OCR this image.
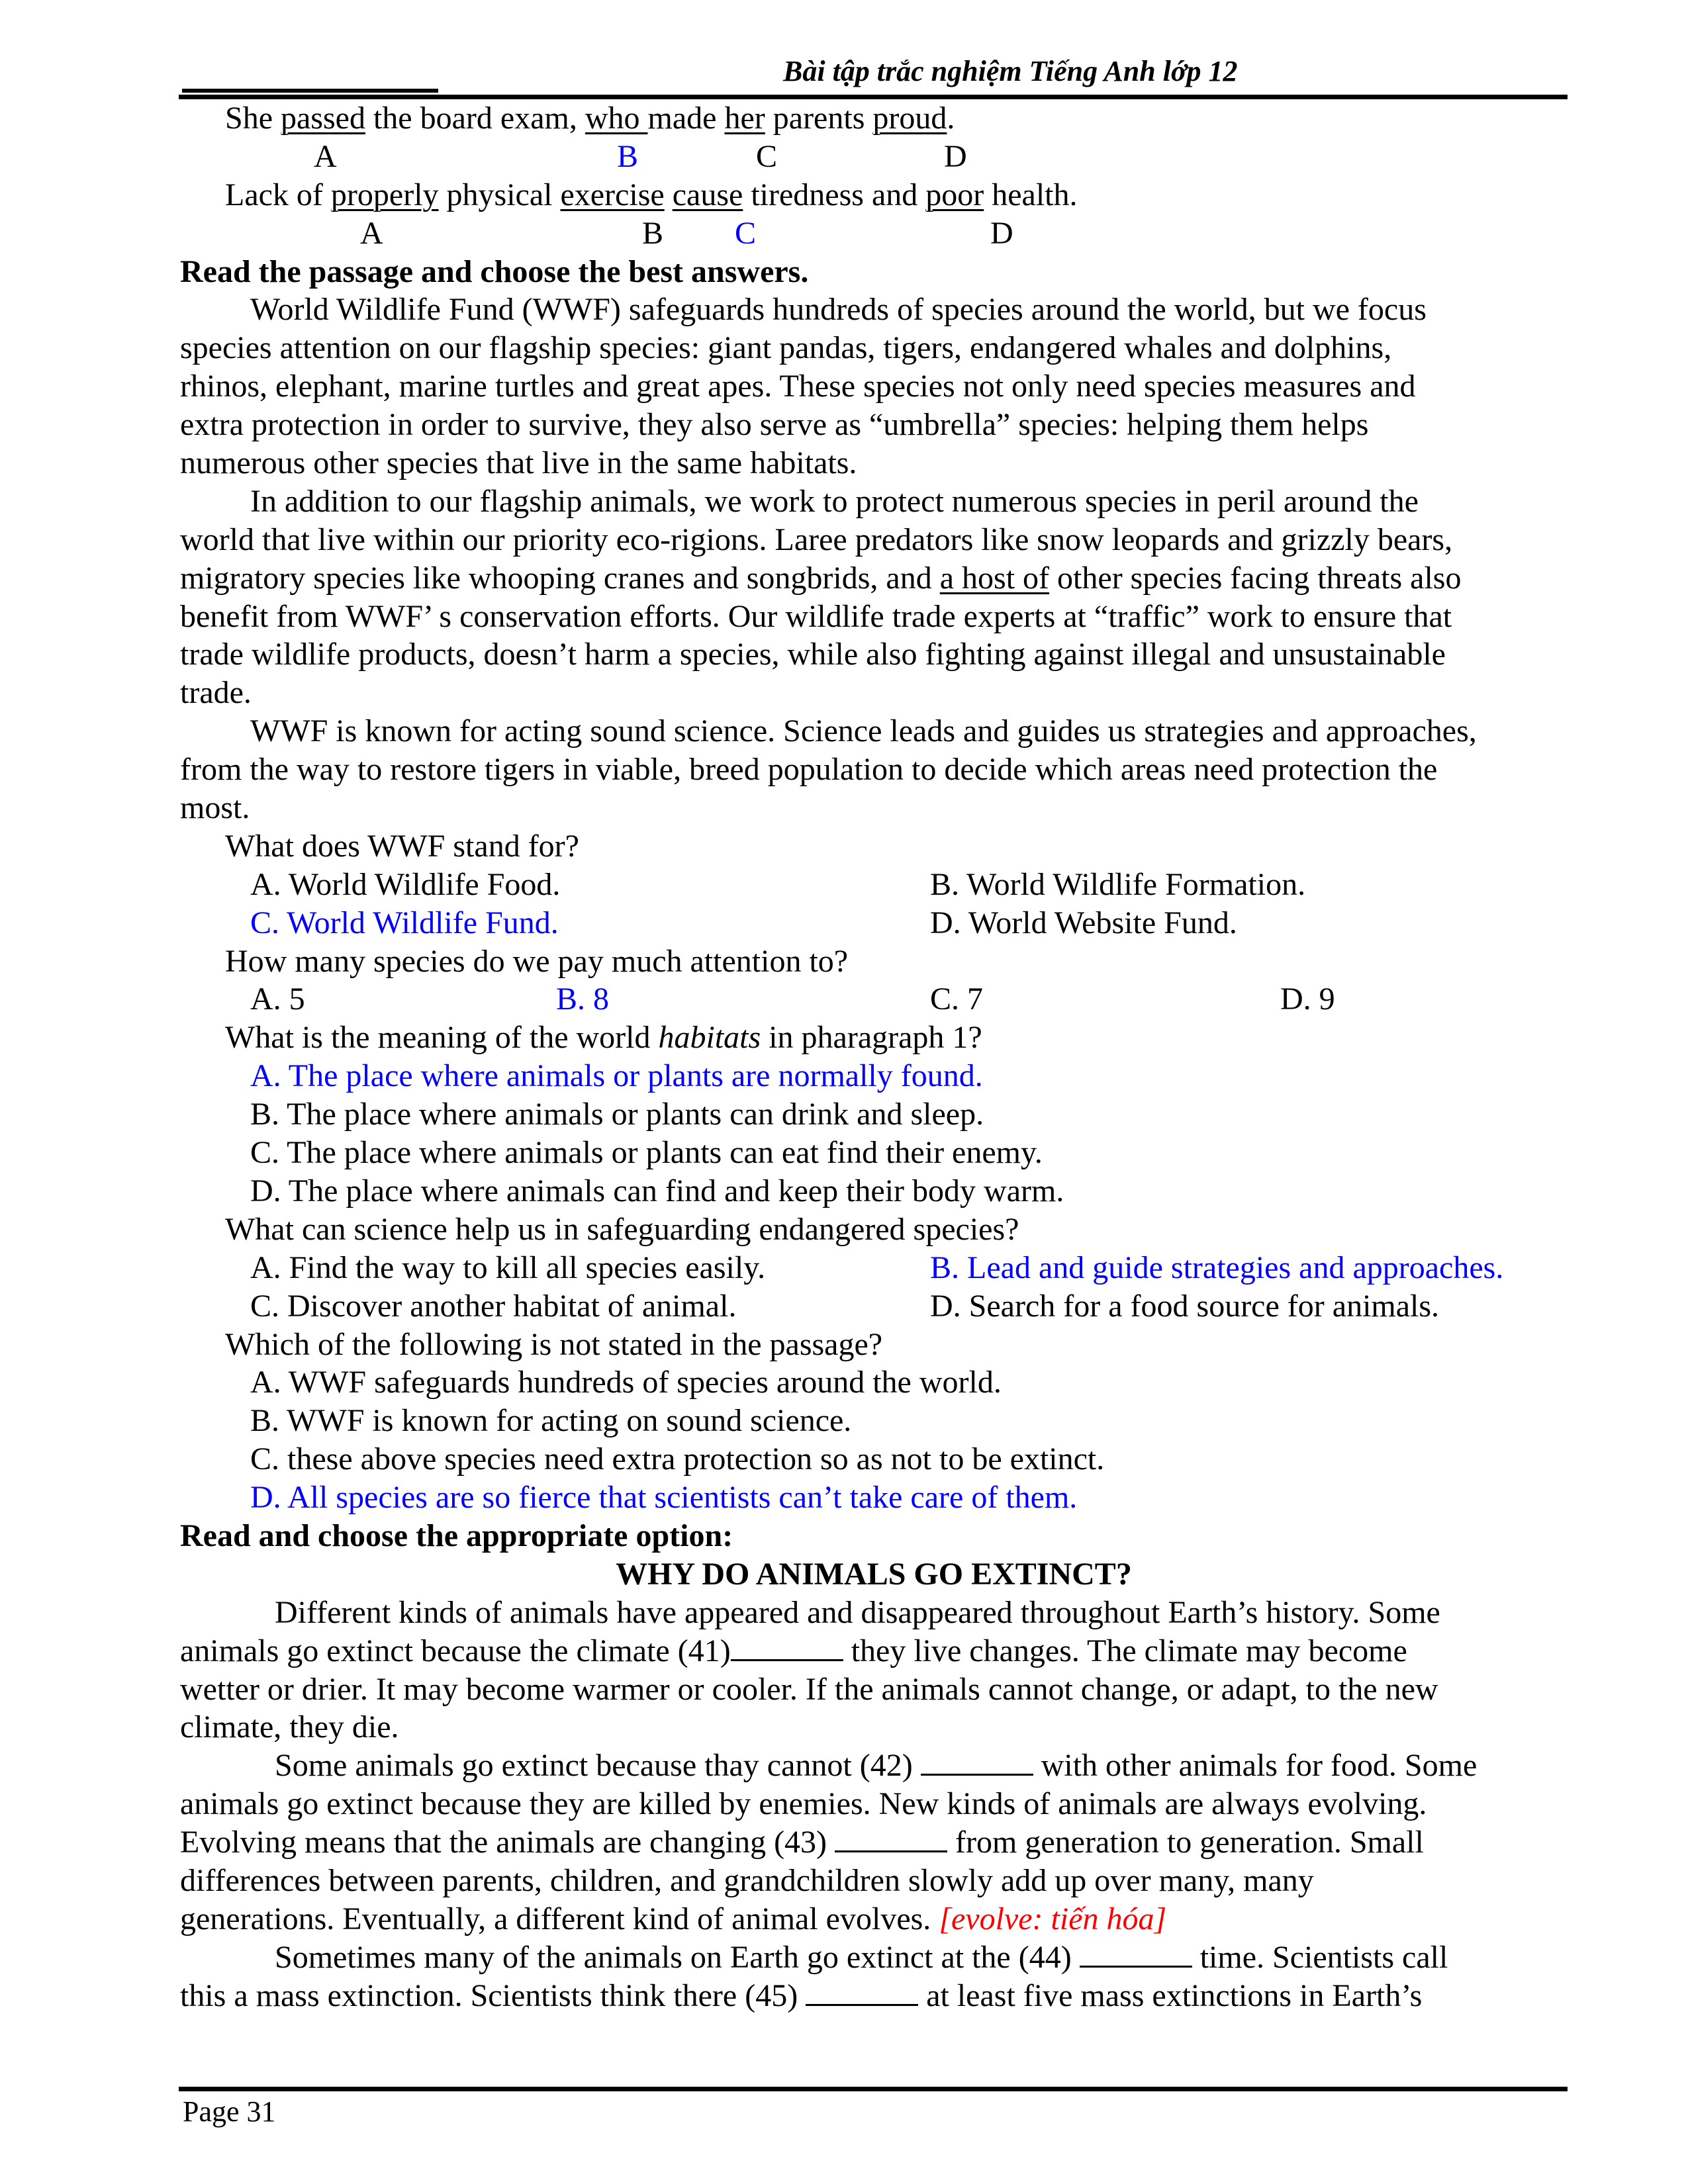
Bài tập trắc nghiệm Tiếng Anh lớp 12
She passed the board exam, who made her parents proud.
A	B	C	D
Lack of properly physical exercise cause tiredness and poor health.
A	B C	D
Read the passage and choose the best answers.
World Wildlife Fund (WWF) safeguards hundreds of species around the world, but we focus
species attention on our flagship species: giant pandas, tigers, endangered whales and dolphins,
rhinos, elephant, marine turtles and great apes. These species not only need species measures and
extra protection in order to survive, they also serve as “umbrella” species: helping them helps
numerous other species that live in the same habitats.
In addition to our flagship animals, we work to protect numerous species in peril around the
world that live within our priority eco-rigions. Laree predators like snow leopards and grizzly bears,
migratory species like whooping cranes and songbrids, and a host of other species facing threats also
benefit from WWF’ s conservation efforts. Our wildlife trade experts at “traffic” work to ensure that
trade wildlife products, doesn’t harm a species, while also fighting against illegal and unsustainable
trade.
WWF is known for acting sound science. Science leads and guides us strategies and approaches,
from the way to restore tigers in viable, breed population to decide which areas need protection the
most.
What does WWF stand for?
A. World Wildlife Food.	B. World Wildlife Formation.
C. World Wildlife Fund.	D. World Website Fund.
How many species do we pay much attention to?
A. 5	B. 8	C. 7	D. 9
What is the meaning of the world habitats in pharagraph 1?
A. The place where animals or plants are normally found.
B. The place where animals or plants can drink and sleep.
C. The place where animals or plants can eat find their enemy.
D. The place where animals can find and keep their body warm.
What can science help us in safeguarding endangered species?
A. Find the way to kill all species easily.	B. Lead and guide strategies and approaches.
C. Discover another habitat of animal.	D. Search for a food source for animals.
Which of the following is not stated in the passage?
A. WWF safeguards hundreds of species around the world.
B. WWF is known for acting on sound science.
C. these above species need extra protection so as not to be extinct.
D. All species are so fierce that scientists can’t take care of them.
Read and choose the appropriate option:
WHY DO ANIMALS GO EXTINCT?
Different kinds of animals have appeared and disappeared throughout Earth’s history. Some
animals go extinct because the climate (41)	they live changes. The climate may become
wetter or drier. It may become warmer or cooler. If the animals cannot change, or adapt, to the new
climate, they die.
Some animals go extinct because thay cannot (42)	with other animals for food. Some
animals go extinct because they are killed by enemies. New kinds of animals are always evolving.
Evolving means that the animals are changing (43)	from generation to generation. Small
differences between parents, children, and grandchildren slowly add up over many, many
generations. Eventually, a different kind of animal evolves. [evolve: tiến hóa]
Sometimes many of the animals on Earth go extinct at the (44)	time. Scientists call
this a mass extinction. Scientists think there (45)	at least five mass extinctions in Earth’s
Page 31
